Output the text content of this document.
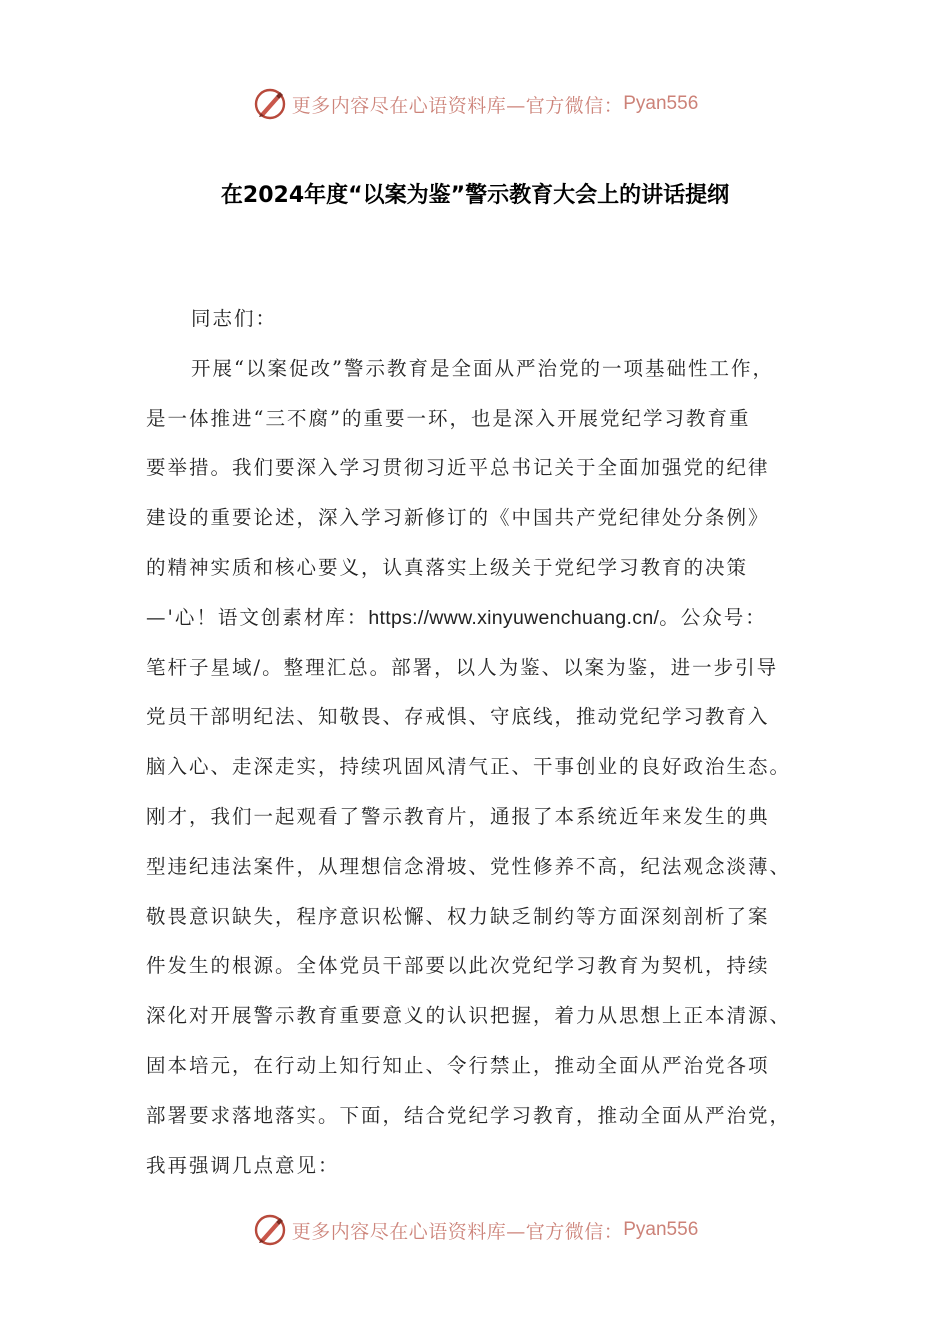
更多内容尽在心语资料库—官方微信： Pyan556
在2024年度“以案为鉴”警示教育大会上的讲话提纲
同志们：
开展“以案促改”警示教育是全面从严治党的一项基础性工作，
是一体推进“三不腐”的重要一环，也是深入开展党纪学习教育重
要举措。我们要深入学习贯彻习近平总书记关于全面加强党的纪律
建设的重要论述，深入学习新修订的《中国共产党纪律处分条例》
的精神实质和核心要义，认真落实上级关于党纪学习教育的决策
—'心！语文创素材库：https://www.xinyuwenchuang.cn/。公众号：
笔杆子星域/。整理汇总。部署，以人为鉴、以案为鉴，进一步引导
党员干部明纪法、知敬畏、存戒惧、守底线，推动党纪学习教育入
脑入心、走深走实，持续巩固风清气正、干事创业的良好政治生态。
刚才，我们一起观看了警示教育片，通报了本系统近年来发生的典
型违纪违法案件，从理想信念滑坡、党性修养不高，纪法观念淡薄、
敬畏意识缺失，程序意识松懈、权力缺乏制约等方面深刻剖析了案
件发生的根源。全体党员干部要以此次党纪学习教育为契机，持续
深化对开展警示教育重要意义的认识把握，着力从思想上正本清源、
固本培元，在行动上知行知止、令行禁止，推动全面从严治党各项
部署要求落地落实。下面，结合党纪学习教育，推动全面从严治党，
我再强调几点意见：
更多内容尽在心语资料库—官方微信： Pyan556
